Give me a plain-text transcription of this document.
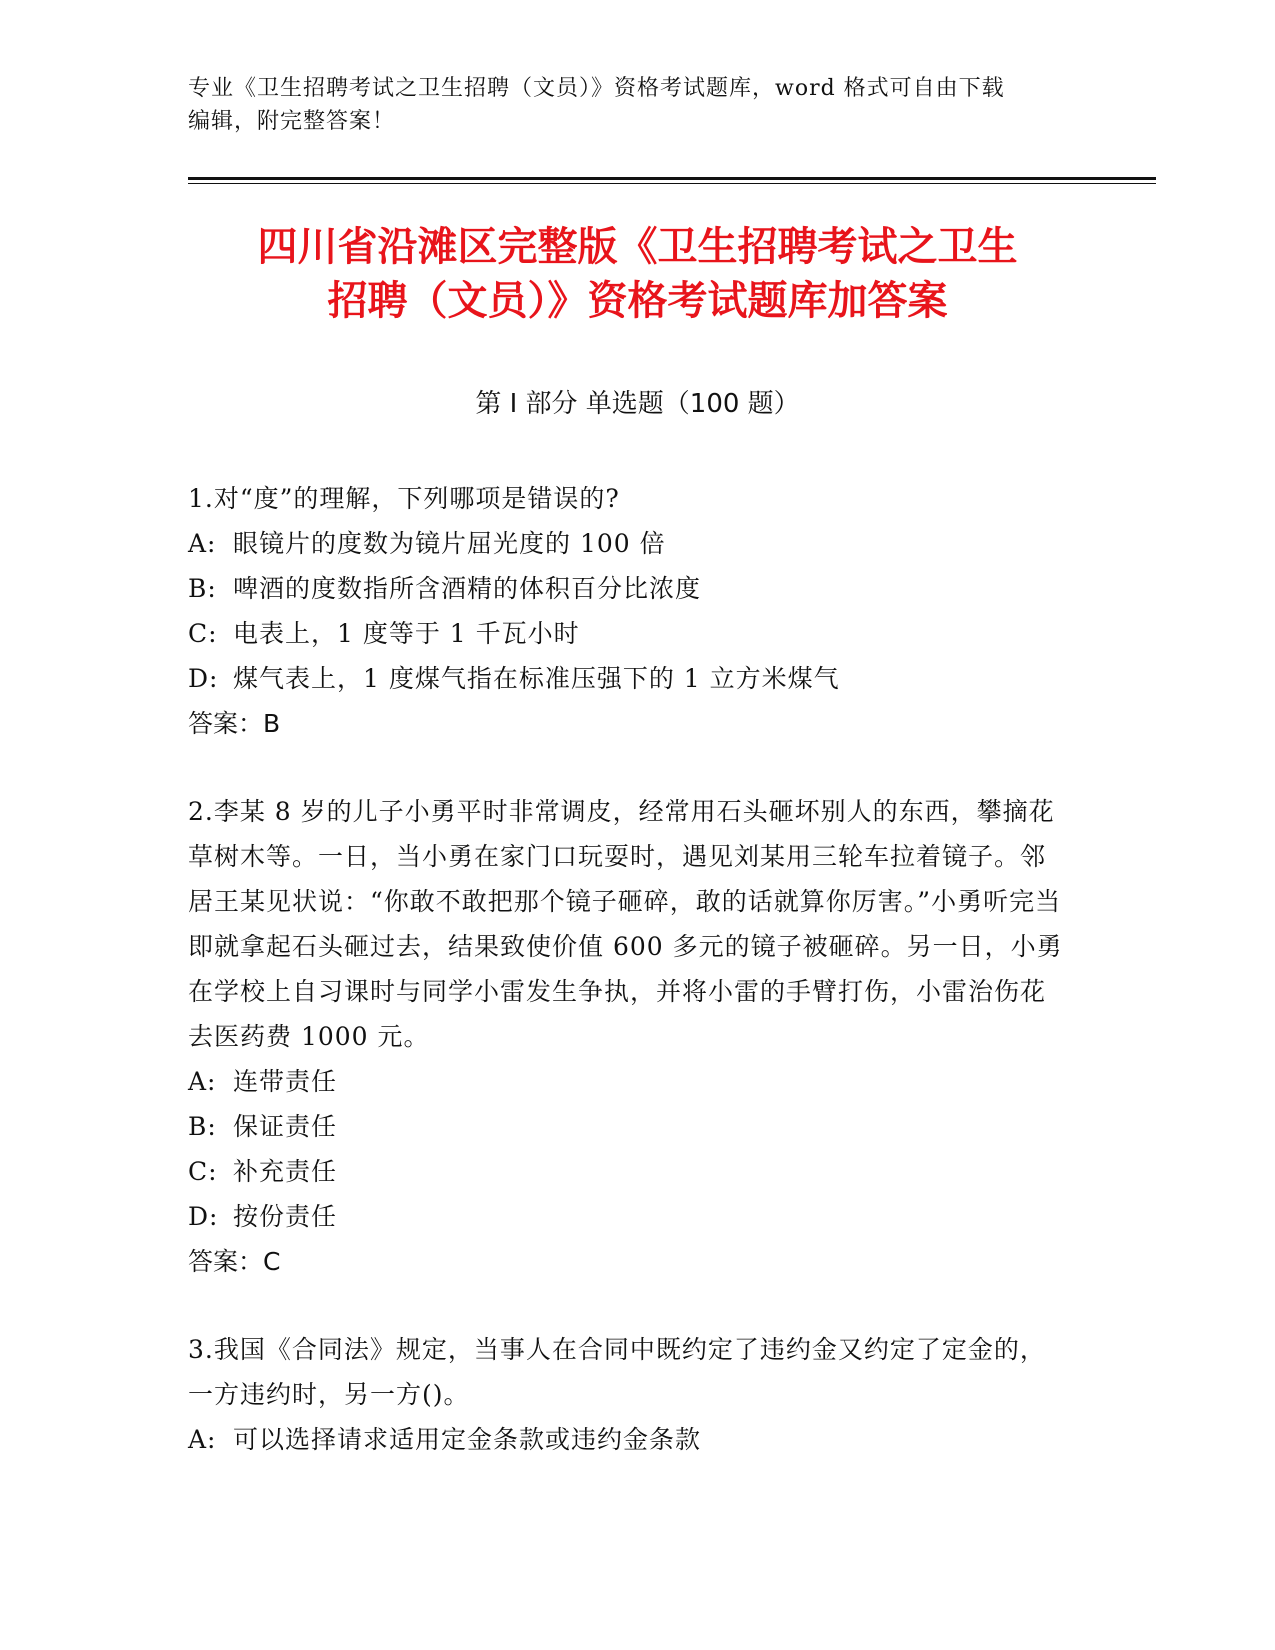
专业《卫生招聘考试之卫生招聘（文员）》资格考试题库，word 格式可自由下载
编辑，附完整答案！
四川省沿滩区完整版《卫生招聘考试之卫生
招聘（文员）》资格考试题库加答案
第 I 部分 单选题（100 题）
1.对“度”的理解，下列哪项是错误的?
A: 眼镜片的度数为镜片屈光度的 100 倍
B: 啤酒的度数指所含酒精的体积百分比浓度
C: 电表上，1 度等于 1 千瓦小时
D: 煤气表上，1 度煤气指在标准压强下的 1 立方米煤气
答案：B
2.李某 8 岁的儿子小勇平时非常调皮，经常用石头砸坏别人的东西，攀摘花草树木等。一日，当小勇在家门口玩耍时，遇见刘某用三轮车拉着镜子。邻居王某见状说：“你敢不敢把那个镜子砸碎，敢的话就算你厉害。”小勇听完当即就拿起石头砸过去，结果致使价值 600 多元的镜子被砸碎。另一日，小勇在学校上自习课时与同学小雷发生争执，并将小雷的手臂打伤，小雷治伤花去医药费 1000 元。
A: 连带责任
B: 保证责任
C: 补充责任
D: 按份责任
答案：C
3.我国《合同法》规定，当事人在合同中既约定了违约金又约定了定金的，一方违约时，另一方()。
A: 可以选择请求适用定金条款或违约金条款
